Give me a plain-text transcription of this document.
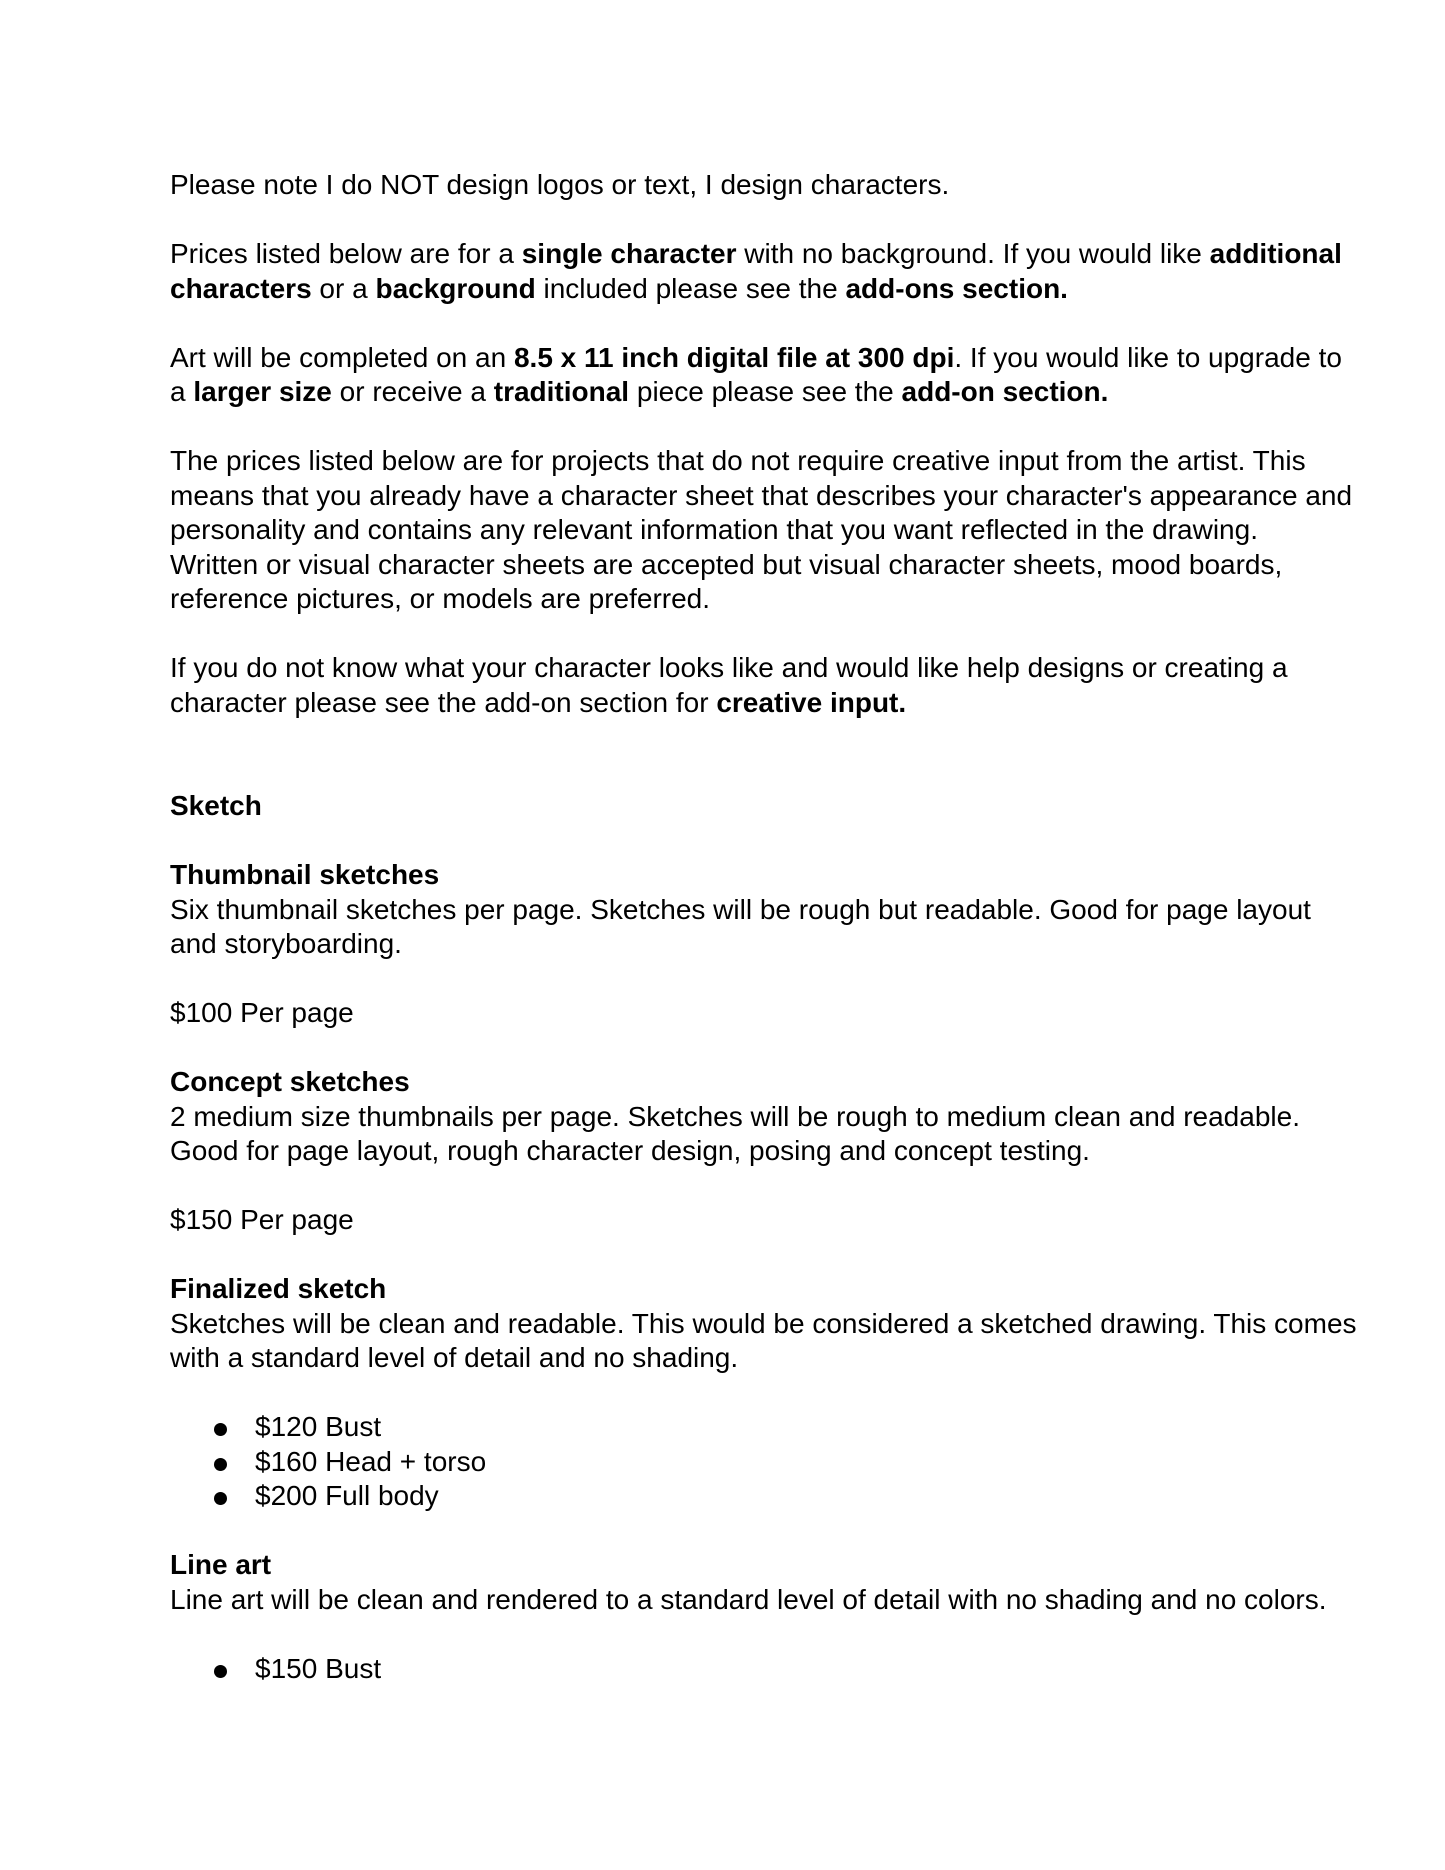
Please note I do NOT design logos or text, I design characters.
Prices listed below are for a single character with no background. If you would like additional
characters or a background included please see the add-ons section.
Art will be completed on an 8.5 x 11 inch digital file at 300 dpi. If you would like to upgrade to
a larger size or receive a traditional piece please see the add-on section.
The prices listed below are for projects that do not require creative input from the artist. This
means that you already have a character sheet that describes your character's appearance and
personality and contains any relevant information that you want reflected in the drawing.
Written or visual character sheets are accepted but visual character sheets, mood boards,
reference pictures, or models are preferred.
If you do not know what your character looks like and would like help designs or creating a
character please see the add-on section for creative input.
Sketch
Thumbnail sketches
Six thumbnail sketches per page. Sketches will be rough but readable. Good for page layout
and storyboarding.
$100 Per page
Concept sketches
2 medium size thumbnails per page. Sketches will be rough to medium clean and readable.
Good for page layout, rough character design, posing and concept testing.
$150 Per page
Finalized sketch
Sketches will be clean and readable. This would be considered a sketched drawing. This comes
with a standard level of detail and no shading.
$120 Bust
$160 Head + torso
$200 Full body
Line art
Line art will be clean and rendered to a standard level of detail with no shading and no colors.
$150 Bust
